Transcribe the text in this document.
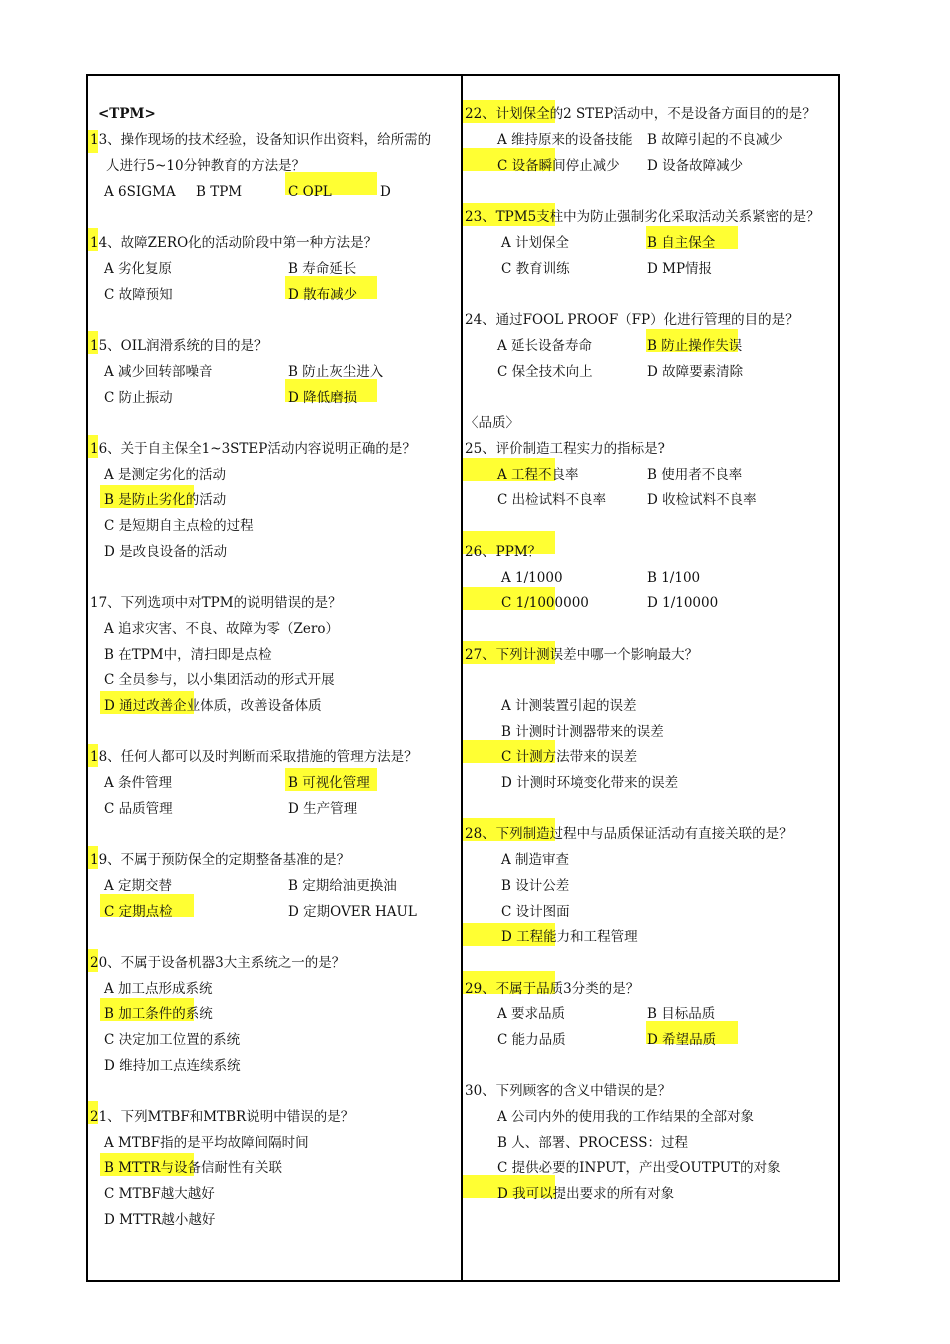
<TPM>
13、操作现场的技术经验，设备知识作出资料，给所需的
人进行5~10分钟教育的方法是？
A 6SIGMA B TPM	C OPL	D
14、故障ZERO化的活动阶段中第一种方法是？
A 劣化复原	B 寿命延长
C 故障预知	D 散布减少
15、OIL润滑系统的目的是？
A 减少回转部噪音	B 防止灰尘进入
C 防止振动	D 降低磨损
16、关于自主保全1~3STEP活动内容说明正确的是？
A 是测定劣化的活动
B 是防止劣化的活动
C 是短期自主点检的过程
D 是改良设备的活动
17、下列选项中对TPM的说明错误的是？
A 追求灾害、不良、故障为零（Zero）
B 在TPM中，清扫即是点检
C 全员参与，以小集团活动的形式开展
D 通过改善企业体质，改善设备体质
18、任何人都可以及时判断而采取措施的管理方法是？
A 条件管理	B 可视化管理
C 品质管理	D 生产管理
19、不属于预防保全的定期整备基准的是？
A 定期交替	B 定期给油更换油
C 定期点检	D 定期OVER HAUL
20、不属于设备机器3大主系统之一的是？
A 加工点形成系统
B 加工条件的系统
C 决定加工位置的系统
D 维持加工点连续系统
21、下列MTBF和MTBR说明中错误的是？
A MTBF指的是平均故障间隔时间
B MTTR与设备信耐性有关联
C MTBF越大越好
D MTTR越小越好
22、计划保全的2 STEP活动中，不是设备方面目的的是？
A 维持原来的设备技能 B 故障引起的不良减少
C 设备瞬间停止减少 D 设备故障减少
23、TPM5支柱中为防止强制劣化采取活动关系紧密的是？
A 计划保全	B 自主保全
C 教育训练	D MP情报
24、通过FOOL PROOF（FP）化进行管理的目的是？
A 延长设备寿命	B 防止操作失误
C 保全技术向上	D 故障要素清除
〈品质〉
25、评价制造工程实力的指标是?
A 工程不良率	B 使用者不良率
C 出检试料不良率	D 收检试料不良率
26、PPM？
A 1/1000	B 1/100
C 1/1000000	D 1/10000
27、下列计测误差中哪一个影响最大？
A 计测装置引起的误差
B 计测时计测器带来的误差
C 计测方法带来的误差
D 计测时环境变化带来的误差
28、下列制造过程中与品质保证活动有直接关联的是？
A 制造审查
B 设计公差
C 设计图面
D 工程能力和工程管理
29、不属于品质3分类的是？
A 要求品质	B 目标品质
C 能力品质	D 希望品质
30、下列顾客的含义中错误的是？
A 公司内外的使用我的工作结果的全部对象
B 人、部署、PROCESS：过程
C 提供必要的INPUT，产出受OUTPUT的对象
D 我可以提出要求的所有对象
